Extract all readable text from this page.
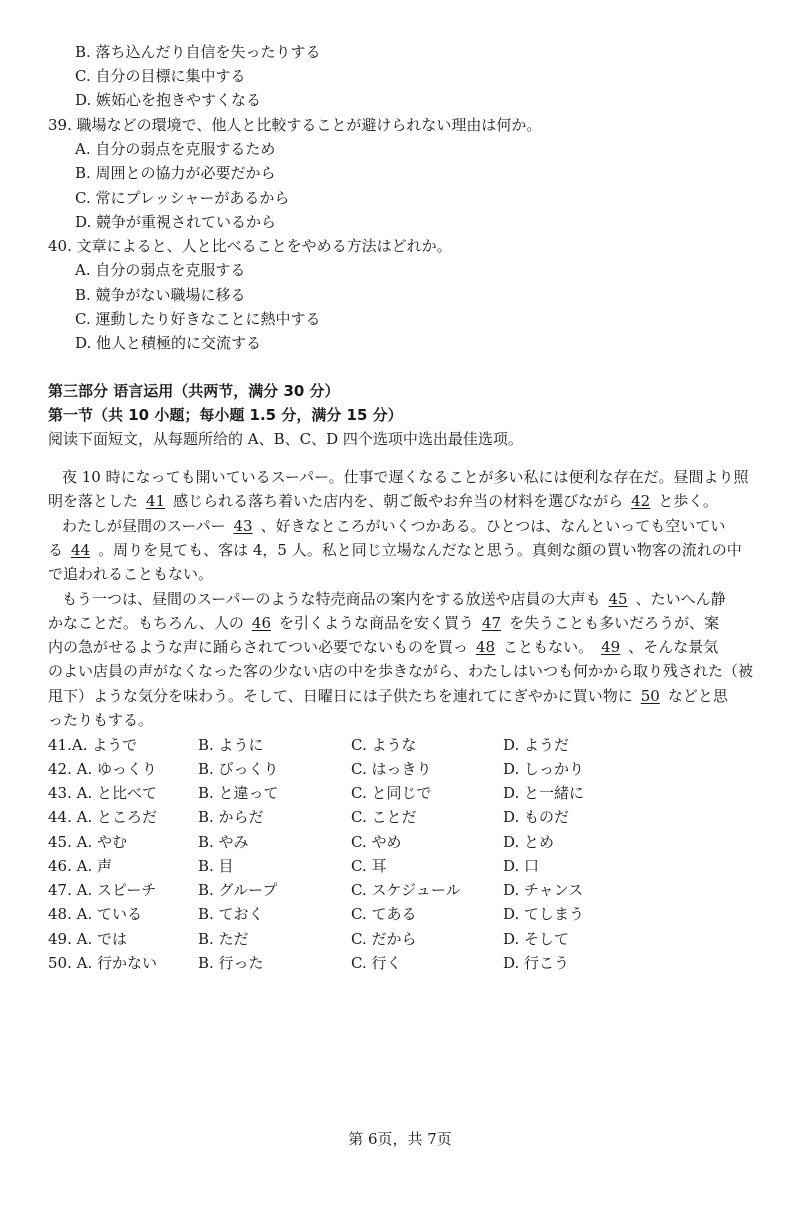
B. 落ち込んだり自信を失ったりする
C. 自分の目標に集中する
D. 嫉妬心を抱きやすくなる
39. 職場などの環境で、他人と比較することが避けられない理由は何か。
A. 自分の弱点を克服するため
B. 周囲との協力が必要だから
C. 常にプレッシャーがあるから
D. 競争が重視されているから
40. 文章によると、人と比べることをやめる方法はどれか。
A. 自分の弱点を克服する
B. 競争がない職場に移る
C. 運動したり好きなことに熱中する
D. 他人と積極的に交流する
第三部分 语言运用（共两节，满分 30 分）
第一节（共 10 小题；每小题 1.5 分，满分 15 分）
阅读下面短文，从每题所给的 A、B、C、D 四个选项中选出最佳选项。
夜 10 時になっても開いているスーパー。仕事で遅くなることが多い私には便利な存在だ。昼間より照
明を落とした 41 感じられる落ち着いた店内を、朝ご飯やお弁当の材料を選びながら 42 と歩く。
わたしが昼間のスーパー 43 、好きなところがいくつかある。ひとつは、なんといっても空いてい
る 44 。周りを見ても、客は 4，5 人。私と同じ立場なんだなと思う。真剣な顔の買い物客の流れの中
で追われることもない。
もう一つは、昼間のスーパーのような特売商品の案内をする放送や店員の大声も 45 、たいへん静
かなことだ。もちろん、人の 46 を引くような商品を安く買う 47 を失うことも多いだろうが、案
内の急がせるような声に踊らされてつい必要でないものを買っ 48 こともない。 49 、そんな景気
のよい店員の声がなくなった客の少ない店の中を歩きながら、わたしはいつも何かから取り残された（被
甩下）ような気分を味わう。そして、日曜日には子供たちを連れてにぎやかに買い物に 50 などと思
ったりもする。
41.A. ようで	B. ように	C. ような	D. ようだ
42. A. ゆっくり	B. びっくり	C. はっきり	D. しっかり
43. A. と比べて	B. と違って	C. と同じで	D. と一緒に
44. A. ところだ	B. からだ	C. ことだ	D. ものだ
45. A. やむ	B. やみ	C. やめ	D. とめ
46. A. 声	B. 目	C. 耳	D. 口
47. A. スピーチ	B. グループ	C. スケジュール	D. チャンス
48. A. ている	B. ておく	C. てある	D. てしまう
49. A. では	B. ただ	C. だから	D. そして
50. A. 行かない	B. 行った	C. 行く	D. 行こう
第 6页，共 7页
